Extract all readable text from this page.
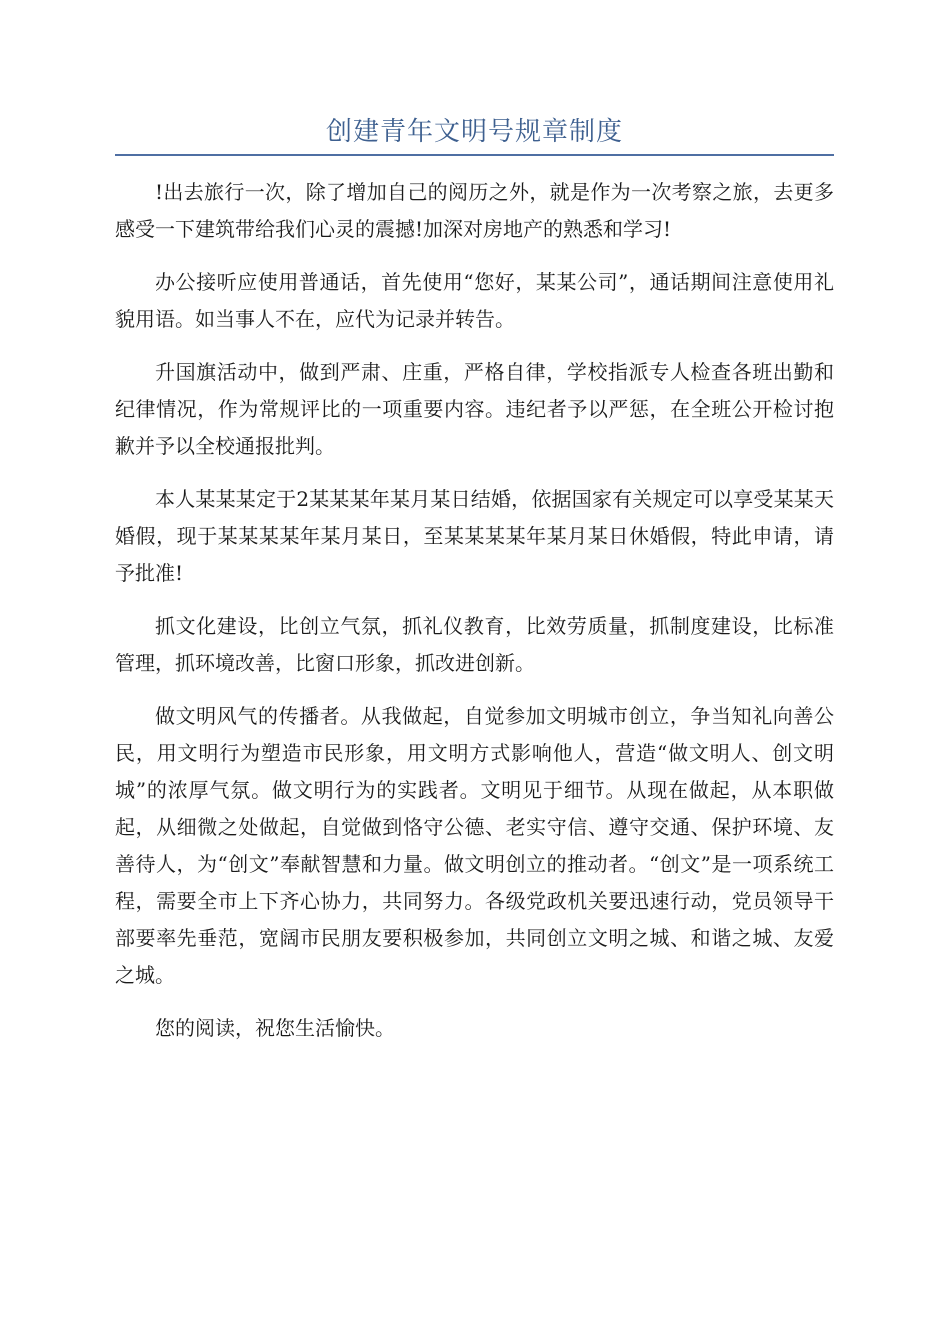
创建青年文明号规章制度

!出去旅行一次，除了增加自己的阅历之外，就是作为一次考察之旅，去更多感受一下建筑带给我们心灵的震撼!加深对房地产的熟悉和学习!

办公接听应使用普通话，首先使用“您好，某某公司”，通话期间注意使用礼貌用语。如当事人不在，应代为记录并转告。

升国旗活动中，做到严肃、庄重，严格自律，学校指派专人检查各班出勤和纪律情况，作为常规评比的一项重要内容。违纪者予以严惩，在全班公开检讨抱歉并予以全校通报批判。

本人某某某定于2某某某年某月某日结婚，依据国家有关规定可以享受某某天婚假，现于某某某某年某月某日，至某某某某年某月某日休婚假，特此申请，请予批准!

抓文化建设，比创立气氛，抓礼仪教育，比效劳质量，抓制度建设，比标准管理，抓环境改善，比窗口形象，抓改进创新。

做文明风气的传播者。从我做起，自觉参加文明城市创立，争当知礼向善公民，用文明行为塑造市民形象，用文明方式影响他人，营造“做文明人、创文明城”的浓厚气氛。做文明行为的实践者。文明见于细节。从现在做起，从本职做起，从细微之处做起，自觉做到恪守公德、老实守信、遵守交通、保护环境、友善待人，为“创文”奉献智慧和力量。做文明创立的推动者。“创文”是一项系统工程，需要全市上下齐心协力，共同努力。各级党政机关要迅速行动，党员领导干部要率先垂范，宽阔市民朋友要积极参加，共同创立文明之城、和谐之城、友爱之城。

您的阅读，祝您生活愉快。
